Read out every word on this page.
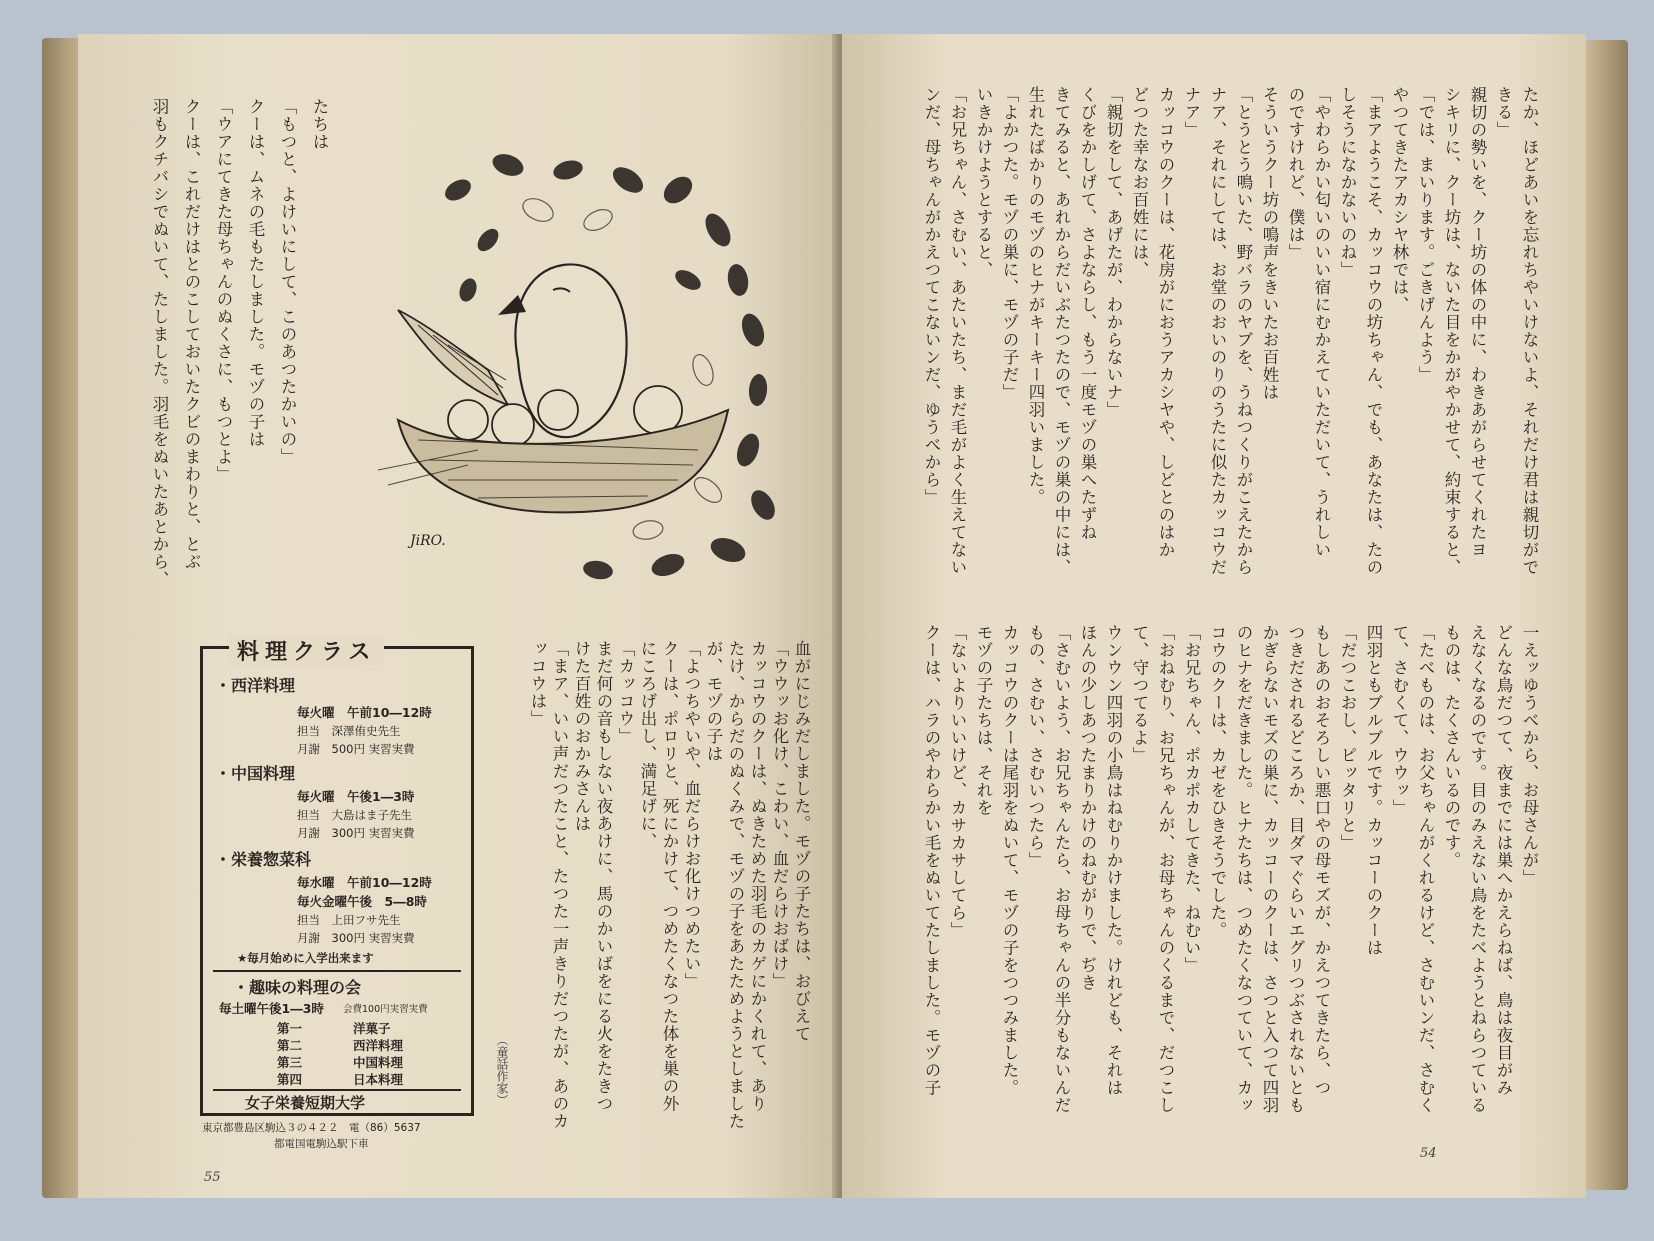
たちは
「もつと、よけいにして、このあつたかいの」
クーは、ムネの毛もたしました。モヅの子は
「ウアにてきた母ちゃんのぬくさに、もつとよ」
クーは、これだけはとのこしておいたクビのまわりと、とぶ
羽もクチバシでぬいて、たしました。羽毛をぬいたあとから、	JiRO.
料理クラス
・西洋料理
毎火曜　午前10―12時
担当　深澤侑史先生
月謝　500円 実習実費
・中国料理
毎火曜　午後1―3時
担当　大島はま子先生
月謝　300円 実習実費
・栄養惣菜科
毎水曜　午前10―12時
毎火金曜午後　5―8時
担当　上田フサ先生
月謝　300円 実習実費
★毎月始めに入学出来ます
・趣味の料理の会
毎土曜午後1―3時 会費100円実習実費
第一	洋菓子
第二	西洋料理
第三	中国料理
第四	日本料理
女子栄養短期大学
東京都豊島区駒込３の４２２　電（86）5637
都電国電駒込駅下車
血がにじみだしました。モヅの子たちは、おびえて
「ウウッお化け、こわい、血だらけおばけ」
カッコウのクーは、ぬきためた羽毛のカゲにかくれて、あり
たけ、からだのぬくみで、モヅの子をあたためようとしました
が、モヅの子は
「よつちやいや、血だらけお化けつめたい」
クーは、ポロリと、死にかけて、つめたくなつた体を巣の外
にころげ出し、満足げに、
「カッコウ」
まだ何の音もしない夜あけに、馬のかいばをにる火をたきつ
けた百姓のおかみさんは
「まア、いい声だつたこと、たつた一声きりだつたが、あのカ
ッコウは」
（童話作家）
55
たか、ほどあいを忘れちやいけないよ、それだけ君は親切がで
きる」
親切の勢いを、クー坊の体の中に、わきあがらせてくれたヨ
シキリに、クー坊は、ないた目をかがやかせて、約束すると、
「では、まいります。ごきげんよう」
やつてきたアカシヤ林では、
「まアようこそ、カッコウの坊ちゃん、でも、あなたは、たの
しそうになかないのね」
「やわらかい匂いのいい宿にむかえていただいて、うれしい
のですけれど、僕は」
そういうクー坊の鳴声をきいたお百姓は
「とうとう鳴いた、野バラのヤブを、うねつくりがこえたから
ナア、それにしては、お堂のおいのりのうたに似たカッコウだ
ナア」
カッコウのクーは、花房がにおうアカシヤや、しどとのはか
どつた幸なお百姓には、
「親切をして、あげたが、わからないナ」
くびをかしげて、さよならし、もう一度モヅの巣へたずね
きてみると、あれからだいぶたつたので、モヅの巣の中には、
生れたばかりのモヅのヒナがキーキー四羽いました。
「よかつた。モヅの巣に、モヅの子だ」
いきかけようとすると、
「お兄ちゃん、さむい、あたいたち、まだ毛がよく生えてない
ンだ、母ちゃんがかえつてこないンだ、ゆうべから」
一えッゆうべから、お母さんが」
どんな鳥だつて、夜までには巣へかえらねば、鳥は夜目がみ
えなくなるのです。目のみえない鳥をたべようとねらつている
ものは、たくさんいるのです。
「たべものは、お父ちゃんがくれるけど、さむいンだ、さむく
て、さむくて、ウウッ」
四羽ともブルブルです。カッコーのクーは
「だつこおし、ピッタリと」
もしあのおそろしい悪口やの母モズが、かえつてきたら、つ
つきだされるどころか、目ダマぐらいエグリつぶされないとも
かぎらないモズの巣に、カッコーのクーは、さつと入つて四羽
のヒナをだきました。ヒナたちは、つめたくなつていて、カッ
コウのクーは、カゼをひきそうでした。
「お兄ちゃん、ポカポカしてきた、ねむい」
「おねむり、お兄ちゃんが、お母ちゃんのくるまで、だつこし
て、守つてるよ」
ウンウン四羽の小鳥はねむりかけました。けれども、それは
ほんの少しあつたまりかけのねむがりで、ぢき
「さむいよう、お兄ちゃんたら、お母ちゃんの半分もないんだ
もの、さむい、さむいつたら」
カッコウのクーは尾羽をぬいて、モヅの子をつつみました。
モヅの子たちは、それを
「ないよりいいけど、カサカサしてら」
クーは、ハラのやわらかい毛をぬいてたしました。モヅの子
54
